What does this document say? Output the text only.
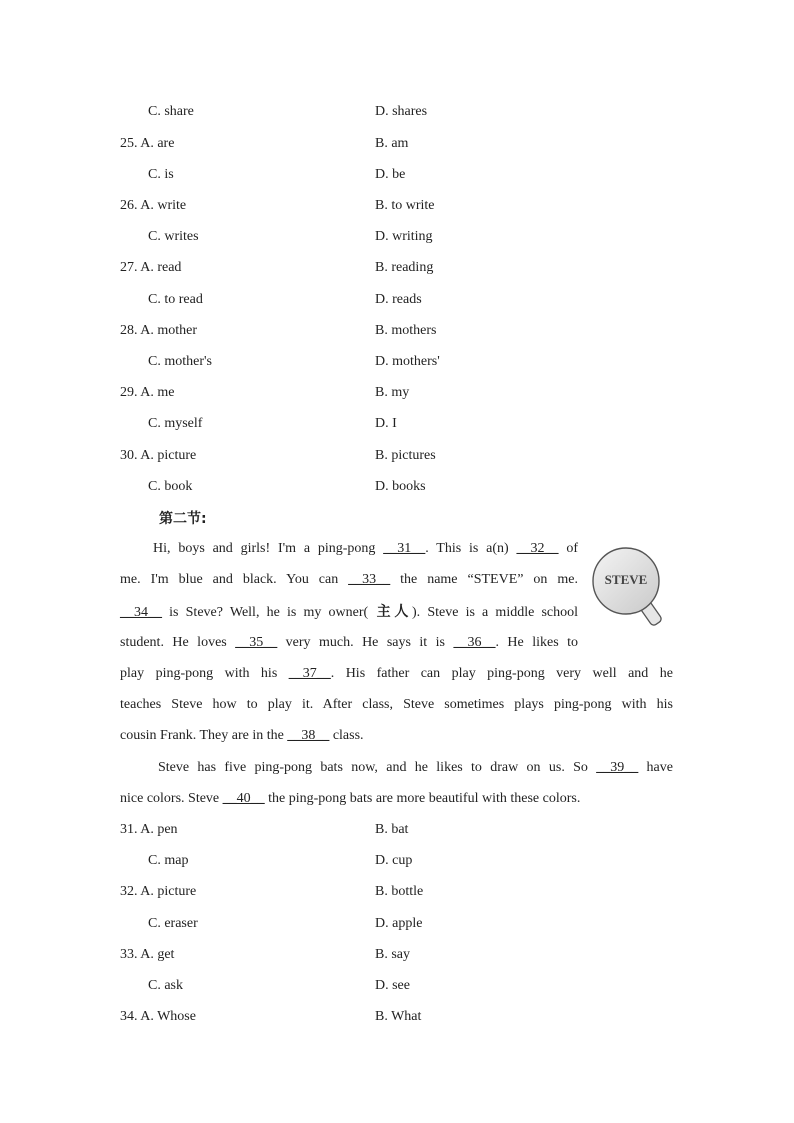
C. share	D. shares
25. A. are	B. am
C. is	D. be
26. A. write	B. to write
C. writes	D. writing
27. A. read	B. reading
C. to read	D. reads
28. A. mother	B. mothers
C. mother's	D. mothers'
29. A. me	B. my
C. myself	D. I
30. A. picture	B. pictures
C. book	D. books
第二节:
Hi, boys and girls! I'm a ping-pong __31__. This is a(n) __32__ of
me. I'm blue and black. You can __33__ the name “STEVE” on me.
__34__ is Steve? Well, he is my owner( 主人). Steve is a middle school
student. He loves __35__ very much. He says it is __36__. He likes to
play ping-pong with his __37__. His father can play ping-pong very well and he
teaches Steve how to play it. After class, Steve sometimes plays ping-pong with his
cousin Frank. They are in the __38__ class.
Steve has five ping-pong bats now, and he likes to draw on us. So __39__ have
nice colors. Steve __40__ the ping-pong bats are more beautiful with these colors.
STEVE
31. A. pen	B. bat
C. map	D. cup
32. A. picture	B. bottle
C. eraser	D. apple
33. A. get	B. say
C. ask	D. see
34. A. Whose	B. What
